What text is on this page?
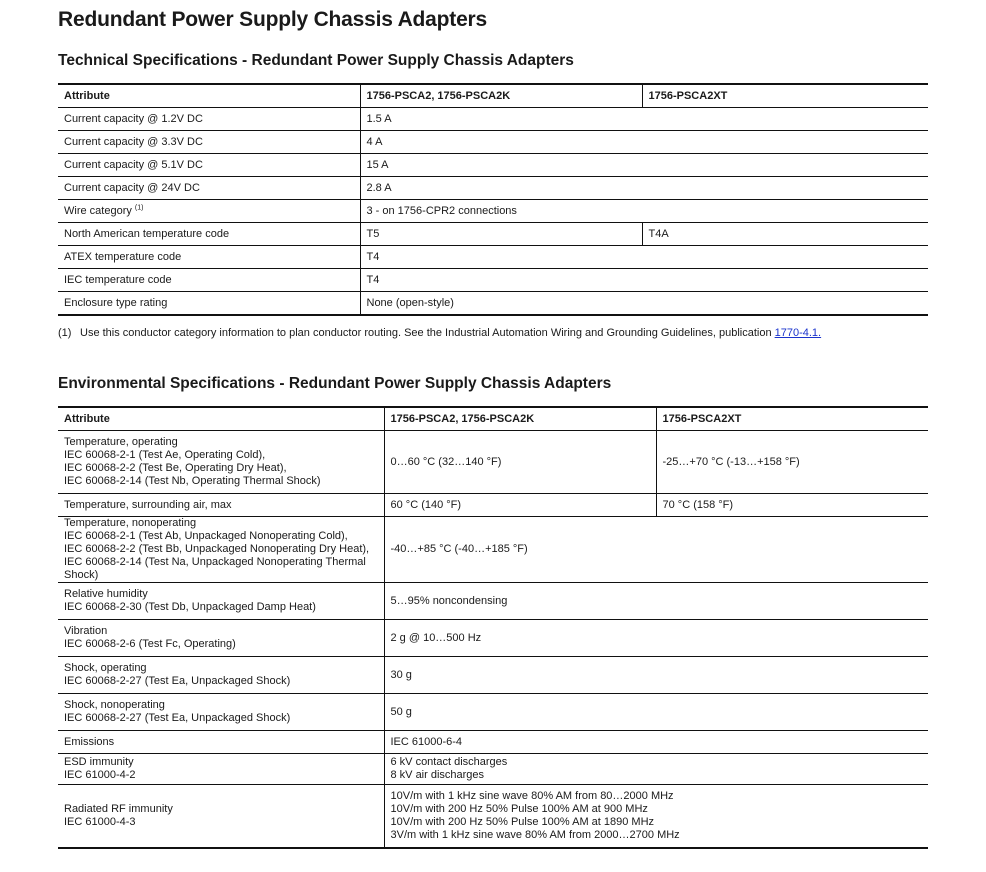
Redundant Power Supply Chassis Adapters
Technical Specifications - Redundant Power Supply Chassis Adapters
Attribute	1756-PSCA2, 1756-PSCA2K	1756-PSCA2XT
Current capacity @ 1.2V DC	1.5 A	
Current capacity @ 3.3V DC	4 A	
Current capacity @ 5.1V DC	15 A	
Current capacity @ 24V DC	2.8 A	
Wire category $^{(1)}$	3 - on 1756-CPR2 connections	
North American temperature code	T5	T4A
ATEX temperature code	T4	
IEC temperature code	T4	
Enclosure type rating	None (open-style)	
(1) Use this conductor category information to plan conductor routing. See the Industrial Automation Wiring and Grounding Guidelines, publication 1770-4.1.
Environmental Specifications - Redundant Power Supply Chassis Adapters
Attribute	1756-PSCA2, 1756-PSCA2K	1756-PSCA2XT
Temperature, operating
IEC 60068-2-1 (Test Ae, Operating Cold),
IEC 60068-2-2 (Test Be, Operating Dry Heat),
IEC 60068-2-14 (Test Nb, Operating Thermal Shock)	0…60 °C (32…140 °F)	-25…+70 °C (-13…+158 °F)
Temperature, surrounding air, max	60 °C (140 °F)	70 °C (158 °F)
Temperature, nonoperating
IEC 60068-2-1 (Test Ab, Unpackaged Nonoperating Cold),
IEC 60068-2-2 (Test Bb, Unpackaged Nonoperating Dry Heat),
IEC 60068-2-14 (Test Na, Unpackaged Nonoperating Thermal Shock)	-40…+85 °C (-40…+185 °F)	
Relative humidity
IEC 60068-2-30 (Test Db, Unpackaged Damp Heat)	5…95% noncondensing	
Vibration
IEC 60068-2-6 (Test Fc, Operating)	2 g @ 10…500 Hz	
Shock, operating
IEC 60068-2-27 (Test Ea, Unpackaged Shock)	30 g	
Shock, nonoperating
IEC 60068-2-27 (Test Ea, Unpackaged Shock)	50 g	
Emissions	IEC 61000-6-4	
ESD immunity
IEC 61000-4-2	6 kV contact discharges
8 kV air discharges	
Radiated RF immunity
IEC 61000-4-3	10V/m with 1 kHz sine wave 80% AM from 80…2000 MHz
10V/m with 200 Hz 50% Pulse 100% AM at 900 MHz
10V/m with 200 Hz 50% Pulse 100% AM at 1890 MHz
3V/m with 1 kHz sine wave 80% AM from 2000…2700 MHz	
